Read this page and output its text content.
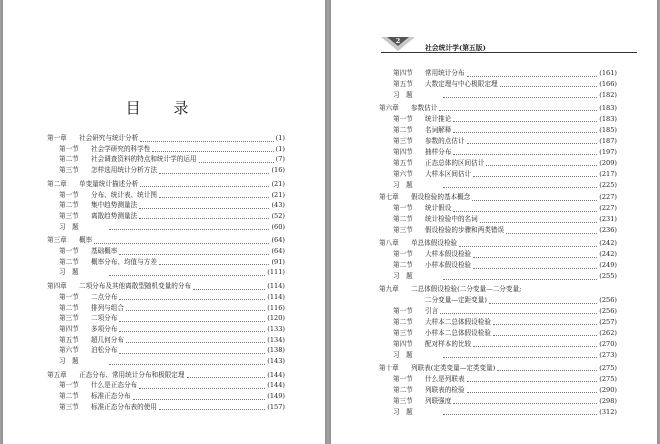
目 录
第一章	社会研究与统计分析	(1)
第一节	社会学研究的科学性	(1)
第二节	社会调查资料的特点和统计学的运用	(7)
第三节	怎样选用统计分析方法	(16)
第二章	单变量统计描述分析	(21)
第一节	分布、统计表、统计图	(21)
第二节	集中趋势测量法	(43)
第三节	离散趋势测量法	(52)
习　题	(60)
第三章	概率	(64)
第一节	基础概率	(64)
第二节	概率分布、均值与方差	(91)
习　题	(111)
第四章	二项分布及其他离散型随机变量的分布	(114)
第一节	二点分布	(114)
第二节	排列与组合	(116)
第三节	二项分布	(120)
第四节	多项分布	(133)
第五节	超几何分布	(134)
第六节	泊松分布	(138)
习　题	(143)
第五章	正态分布、常用统计分布和极限定理	(144)
第一节	什么是正态分布	(144)
第二节	标准正态分布	(149)
第三节	标准正态分布表的使用	(157)
2
社会统计学(第五版)
第四节	常用统计分布	(161)
第五节	大数定理与中心极限定理	(166)
习　题	(182)
第六章	参数估计	(183)
第一节	统计推论	(183)
第二节	名词解释	(185)
第三节	参数的点估计	(187)
第四节	抽样分布	(197)
第五节	正态总体的区间估计	(209)
第六节	大样本区间估计	(217)
习　题	(225)
第七章	假设检验的基本概念	(227)
第一节	统计假设	(227)
第二节	统计检验中的名词	(231)
第三节	假设检验的步骤和两类错误	(236)
第八章	单总体假设检验	(242)
第一节	大样本假设检验	(242)
第二节	小样本假设检验	(249)
习　题	(255)
第九章	二总体假设检验(二分变量—二分变量;
二分变量—定距变量)	(256)
第一节	引言	(256)
第二节	大样本二总体假设检验	(257)
第三节	小样本二总体假设检验	(262)
第四节	配对样本的比较	(270)
习　题	(273)
第十章	列联表(定类变量—定类变量)	(275)
第一节	什么是列联表	(275)
第二节	列联表的检验	(290)
第三节	列联强度	(298)
习　题	(312)
